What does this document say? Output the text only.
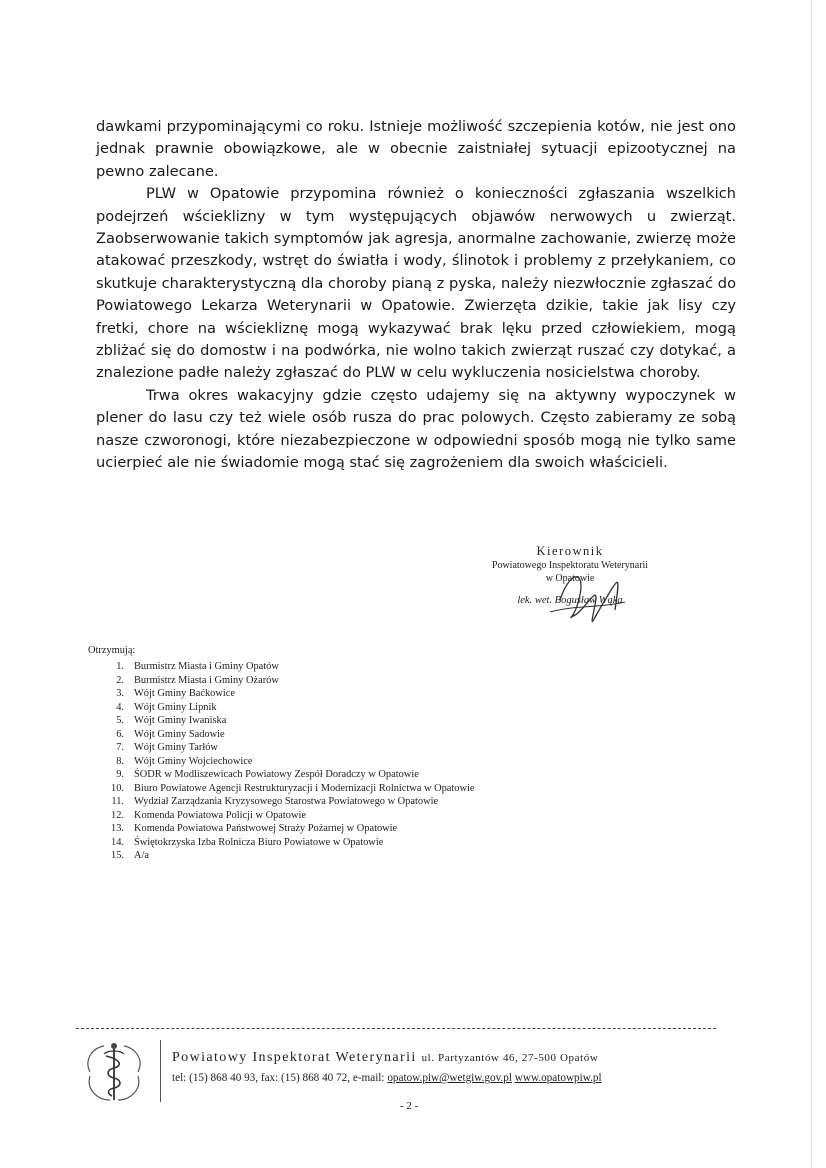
dawkami przypominającymi co roku. Istnieje możliwość szczepienia kotów, nie jest ono jednak prawnie obowiązkowe, ale w obecnie zaistniałej sytuacji epizootycznej na pewno zalecane.

PLW w Opatowie przypomina również o konieczności zgłaszania wszelkich podejrzeń wścieklizny w tym występujących objawów nerwowych u zwierząt. Zaobserwowanie takich symptomów jak agresja, anormalne zachowanie, zwierzę może atakować przeszkody, wstręt do światła i wody, ślinotok i problemy z przełykaniem, co skutkuje charakterystyczną dla choroby pianą z pyska, należy niezwłocznie zgłaszać do Powiatowego Lekarza Weterynarii w Opatowie. Zwierzęta dzikie, takie jak lisy czy fretki, chore na wściekliznę mogą wykazywać brak lęku przed człowiekiem, mogą zbliżać się do domostw i na podwórka, nie wolno takich zwierząt ruszać czy dotykać, a znalezione padłe należy zgłaszać do PLW w celu wykluczenia nosicielstwa choroby.

Trwa okres wakacyjny gdzie często udajemy się na aktywny wypoczynek w plener do lasu czy też wiele osób rusza do prac polowych. Często zabieramy ze sobą nasze czworonogi, które niezabezpieczone w odpowiedni sposób mogą nie tylko same ucierpieć ale nie świadomie mogą stać się zagrożeniem dla swoich właścicieli.

Kierownik
Powiatowego Inspektoratu Weterynarii
w Opatowie
lek. wet. Bogusław Wąka
Otrzymują:
1. Burmistrz Miasta i Gminy Opatów
2. Burmistrz Miasta i Gminy Ożarów
3. Wójt Gminy Baćkowice
4. Wójt Gminy Lipnik
5. Wójt Gminy Iwaniska
6. Wójt Gminy Sadowie
7. Wójt Gminy Tarłów
8. Wójt Gminy Wojciechowice
9. ŚODR w Modliszewicach Powiatowy Zespół Doradczy w Opatowie
10. Biuro Powiatowe Agencji Restrukturyzacji i Modernizacji Rolnictwa w Opatowie
11. Wydział Zarządzania Kryzysowego Starostwa Powiatowego w Opatowie
12. Komenda Powiatowa Policji w Opatowie
13. Komenda Powiatowa Państwowej Straży Pożarnej w Opatowie
14. Świętokrzyska Izba Rolnicza Biuro Powiatowe w Opatowie
15. A/a
Powiatowy Inspektorat Weterynarii ul. Partyzantów 46, 27-500 Opatów
tel: (15) 868 40 93, fax: (15) 868 40 72, e-mail: opatow.piw@wetgiw.gov.pl www.opatowpiw.pl
- 2 -
